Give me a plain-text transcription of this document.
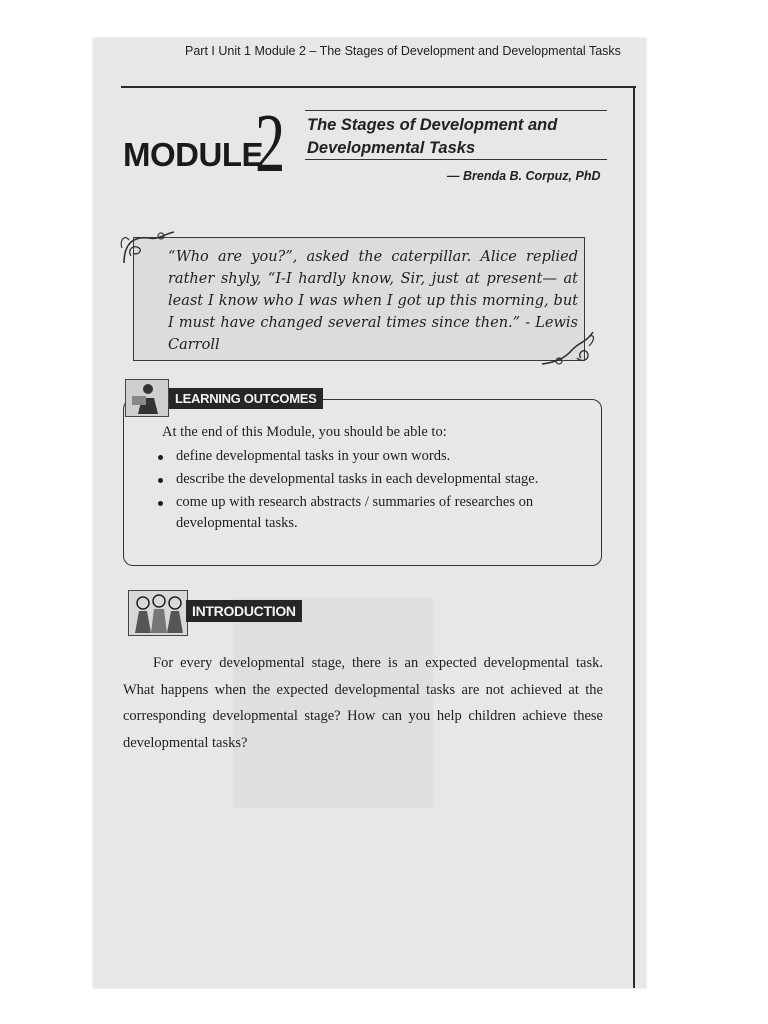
Part I Unit 1 Module 2 – The Stages of Development and Developmental Tasks
MODULE
2 The Stages of Development and
Developmental Tasks
— Brenda B. Corpuz, PhD
“Who are you?”, asked the caterpillar. Alice replied rather shyly, “I-I hardly know, Sir, just at present— at least I know who I was when I got up this morning, but I must have changed several times since then.” - Lewis Carroll
At the end of this Module, you should be able to:
define developmental tasks in your own words.
describe the developmental tasks in each developmental stage.
come up with research abstracts / summaries of researches on developmental tasks.
LEARNING OUTCOMES
INTRODUCTION
For every developmental stage, there is an expected developmental task. What happens when the expected developmental tasks are not achieved at the corresponding developmental stage? How can you help children achieve these developmental tasks?
